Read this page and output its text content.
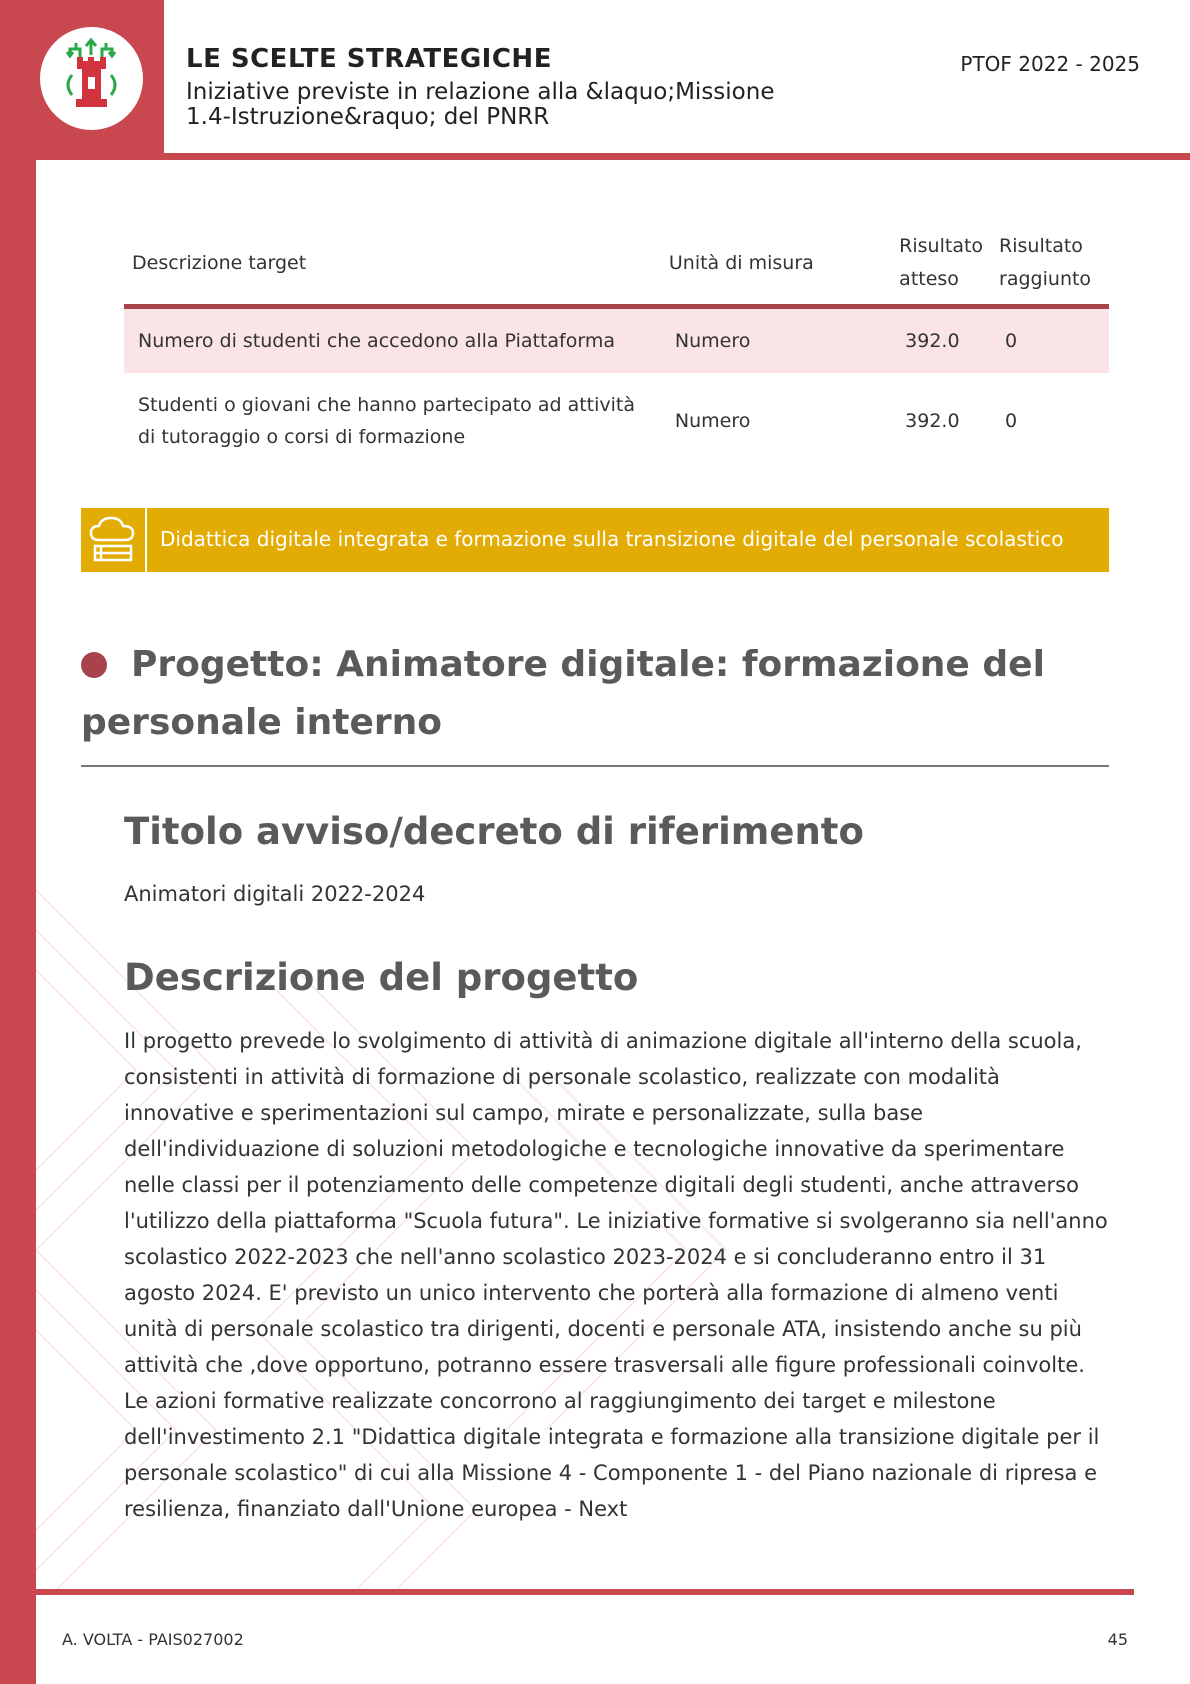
LE SCELTE STRATEGICHE
Iniziative previste in relazione alla &laquo;Missione 1.4-Istruzione&raquo; del PNRR
PTOF 2022 - 2025
Descrizione target	Unità di misura	Risultato atteso	Risultato raggiunto
Numero di studenti che accedono alla Piattaforma	Numero	392.0	0
Studenti o giovani che hanno partecipato ad attività di tutoraggio o corsi di formazione	Numero	392.0	0
Didattica digitale integrata e formazione sulla transizione digitale del personale scolastico
Progetto: Animatore digitale: formazione del personale interno
Titolo avviso/decreto di riferimento
Animatori digitali 2022-2024
Descrizione del progetto
Il progetto prevede lo svolgimento di attività di animazione digitale all'interno della scuola, consistenti in attività di formazione di personale scolastico, realizzate con modalità innovative e sperimentazioni sul campo, mirate e personalizzate, sulla base dell'individuazione di soluzioni metodologiche e tecnologiche innovative da sperimentare nelle classi per il potenziamento delle competenze digitali degli studenti, anche attraverso l'utilizzo della piattaforma "Scuola futura". Le iniziative formative si svolgeranno sia nell'anno scolastico 2022-2023 che nell'anno scolastico 2023-2024 e si concluderanno entro il 31 agosto 2024. E' previsto un unico intervento che porterà alla formazione di almeno venti unità di personale scolastico tra dirigenti, docenti e personale ATA, insistendo anche su più attività che ,dove opportuno, potranno essere trasversali alle figure professionali coinvolte. Le azioni formative realizzate concorrono al raggiungimento dei target e milestone dell'investimento 2.1 "Didattica digitale integrata e formazione alla transizione digitale per il personale scolastico" di cui alla Missione 4 - Componente 1 - del Piano nazionale di ripresa e resilienza, finanziato dall'Unione europea - Next
A. VOLTA - PAIS027002	45
